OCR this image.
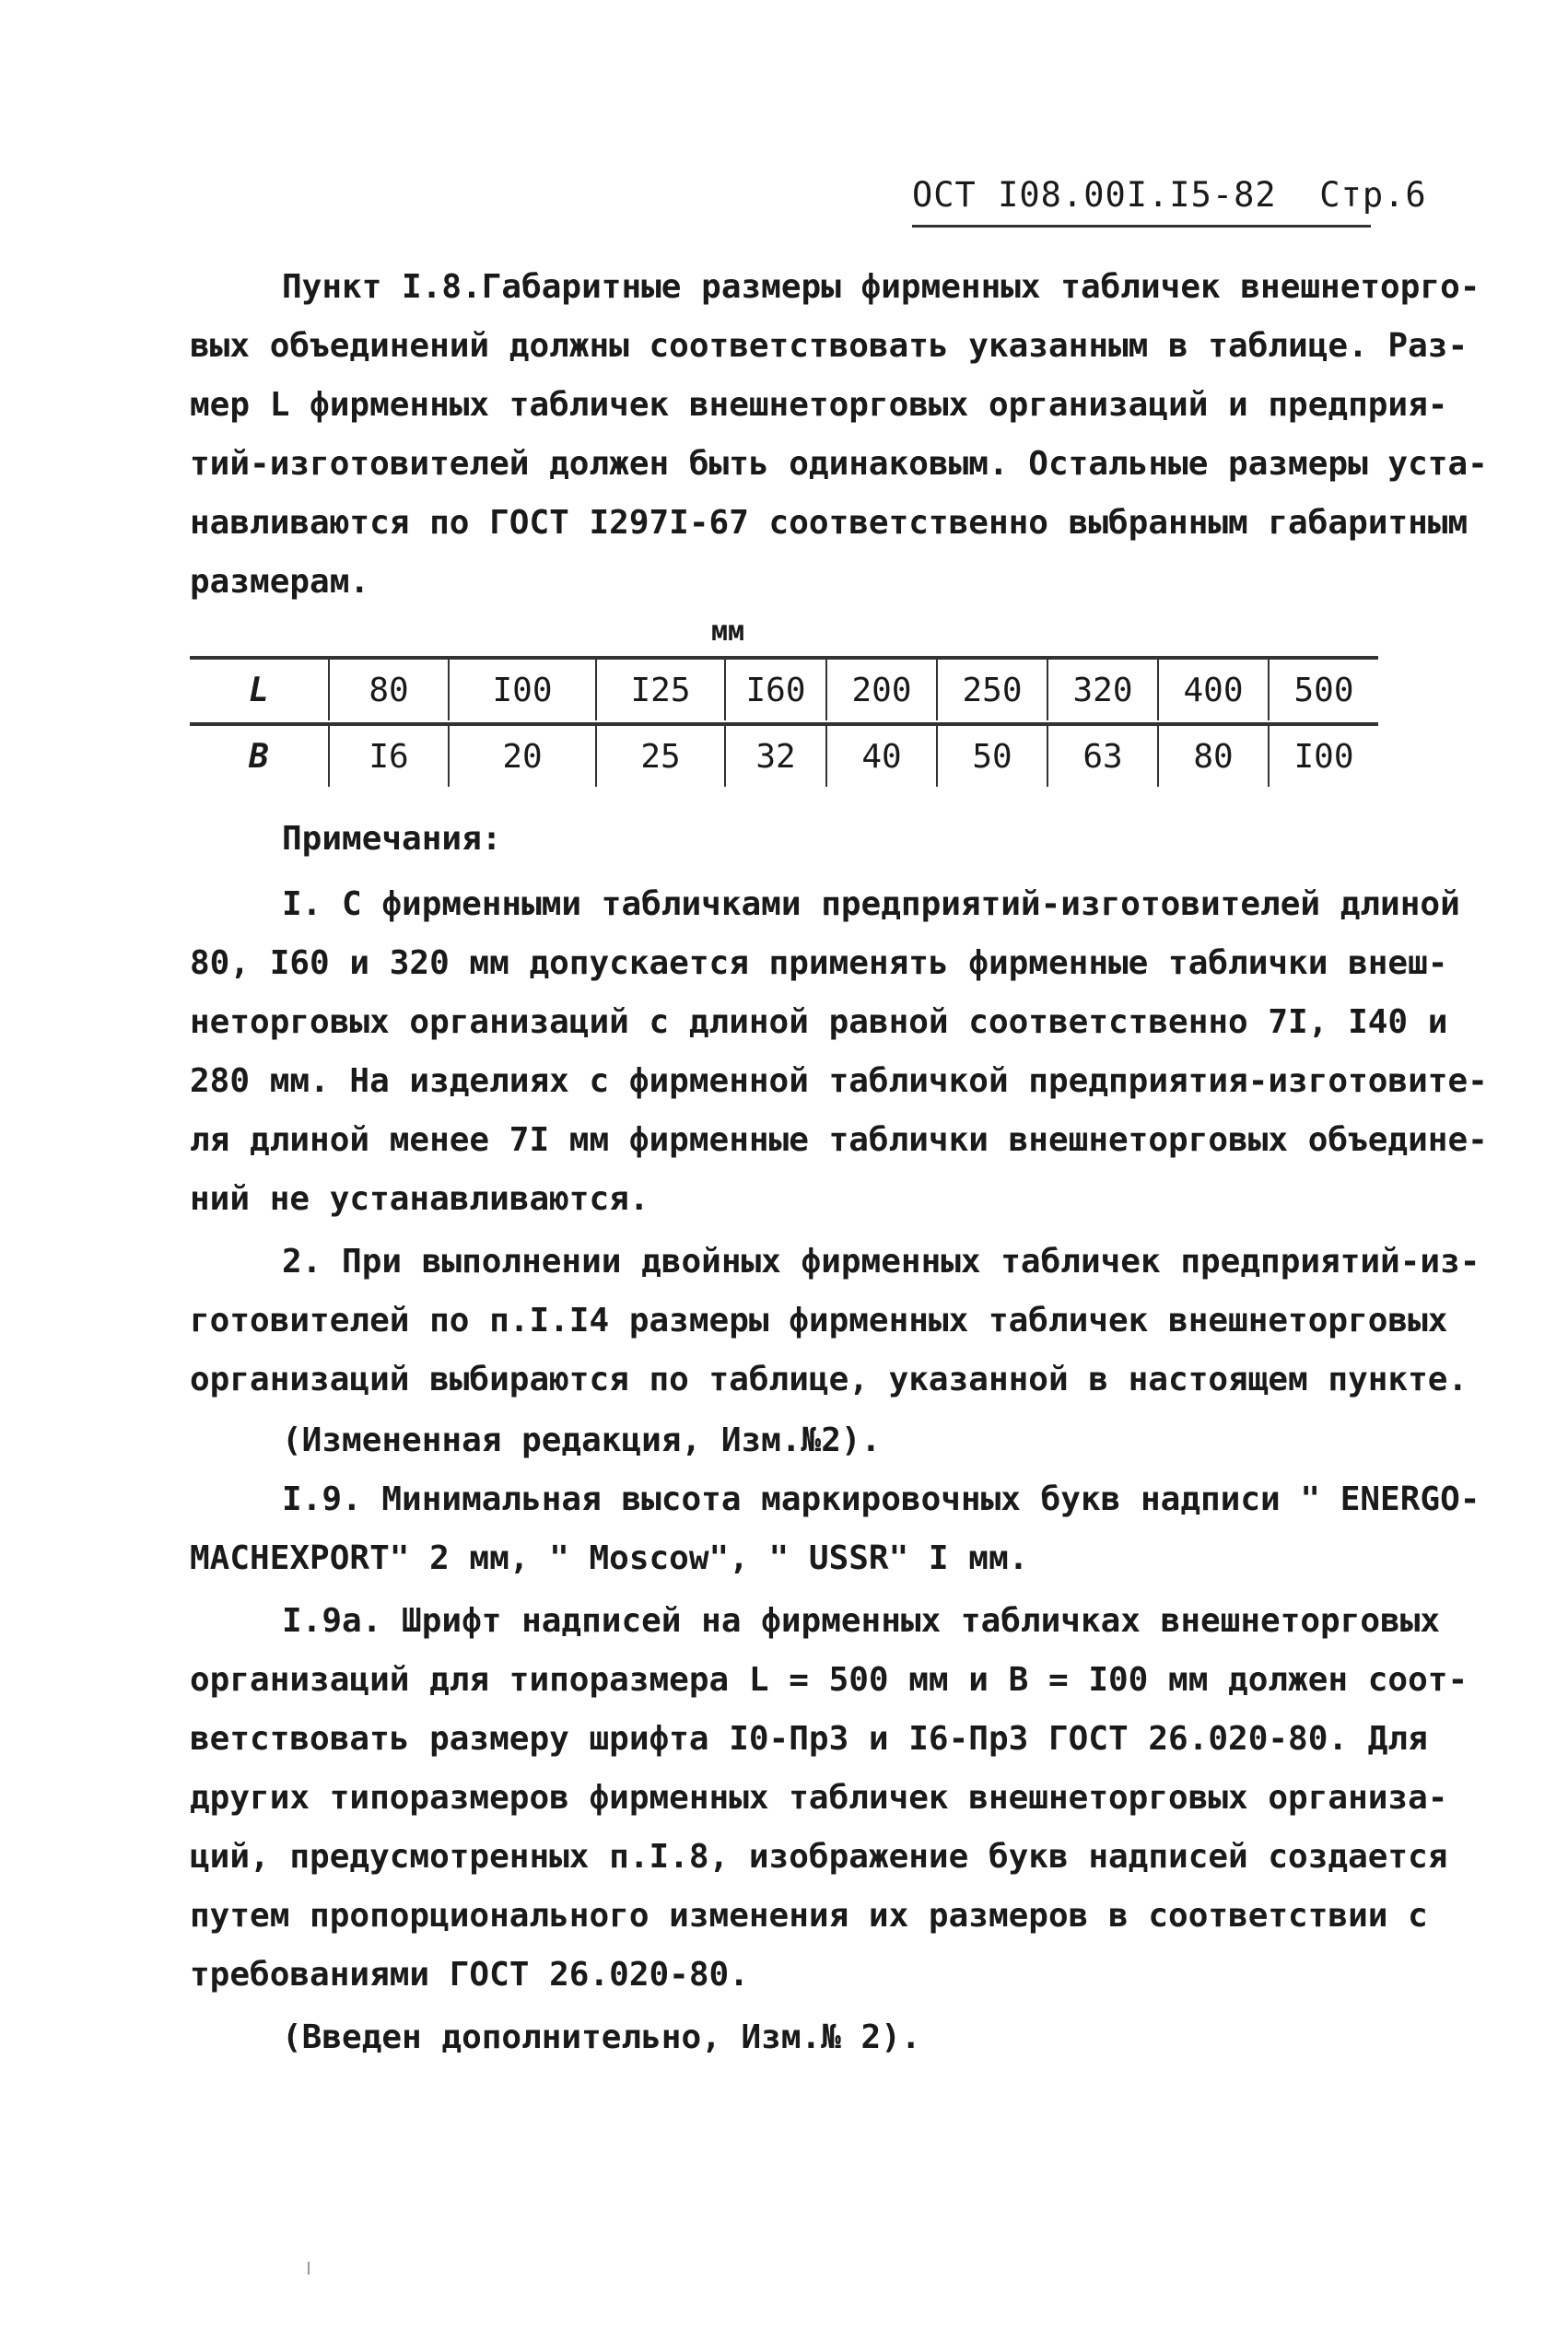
ОСТ I08.00I.I5-82 Стр.6
Пункт I.8.Габаритные размеры фирменных табличек внешнеторго-
вых объединений должны соответствовать указанным в таблице. Раз-
мер L фирменных табличек внешнеторговых организаций и предприя-
тий-изготовителей должен быть одинаковым. Остальные размеры уста-
навливаются по ГОСТ I297I-67 соответственно выбранным габаритным
размерам.
мм
L	80	I00	I25	I60	200	250	320	400	500
B	I6	20	25	32	40	50	63	80	I00
Примечания:
I. С фирменными табличками предприятий-изготовителей длиной
80, I60 и 320 мм допускается применять фирменные таблички внеш-
неторговых организаций с длиной равной соответственно 7I, I40 и
280 мм. На изделиях с фирменной табличкой предприятия-изготовите-
ля длиной менее 7I мм фирменные таблички внешнеторговых объедине-
ний не устанавливаются.
2. При выполнении двойных фирменных табличек предприятий-из-
готовителей по п.I.I4 размеры фирменных табличек внешнеторговых
организаций выбираются по таблице, указанной в настоящем пункте.
(Измененная редакция, Изм.№2).
I.9. Минимальная высота маркировочных букв надписи " ENERGO-
MACHEXPORT" 2 мм, " Moscow", " USSR" I мм.
I.9а. Шрифт надписей на фирменных табличках внешнеторговых
организаций для типоразмера L = 500 мм и B = I00 мм должен соот-
ветствовать размеру шрифта I0-Пр3 и I6-Пр3 ГОСТ 26.020-80. Для
других типоразмеров фирменных табличек внешнеторговых организа-
ций, предусмотренных п.I.8, изображение букв надписей создается
путем пропорционального изменения их размеров в соответствии с
требованиями ГОСТ 26.020-80.
(Введен дополнительно, Изм.№ 2).
